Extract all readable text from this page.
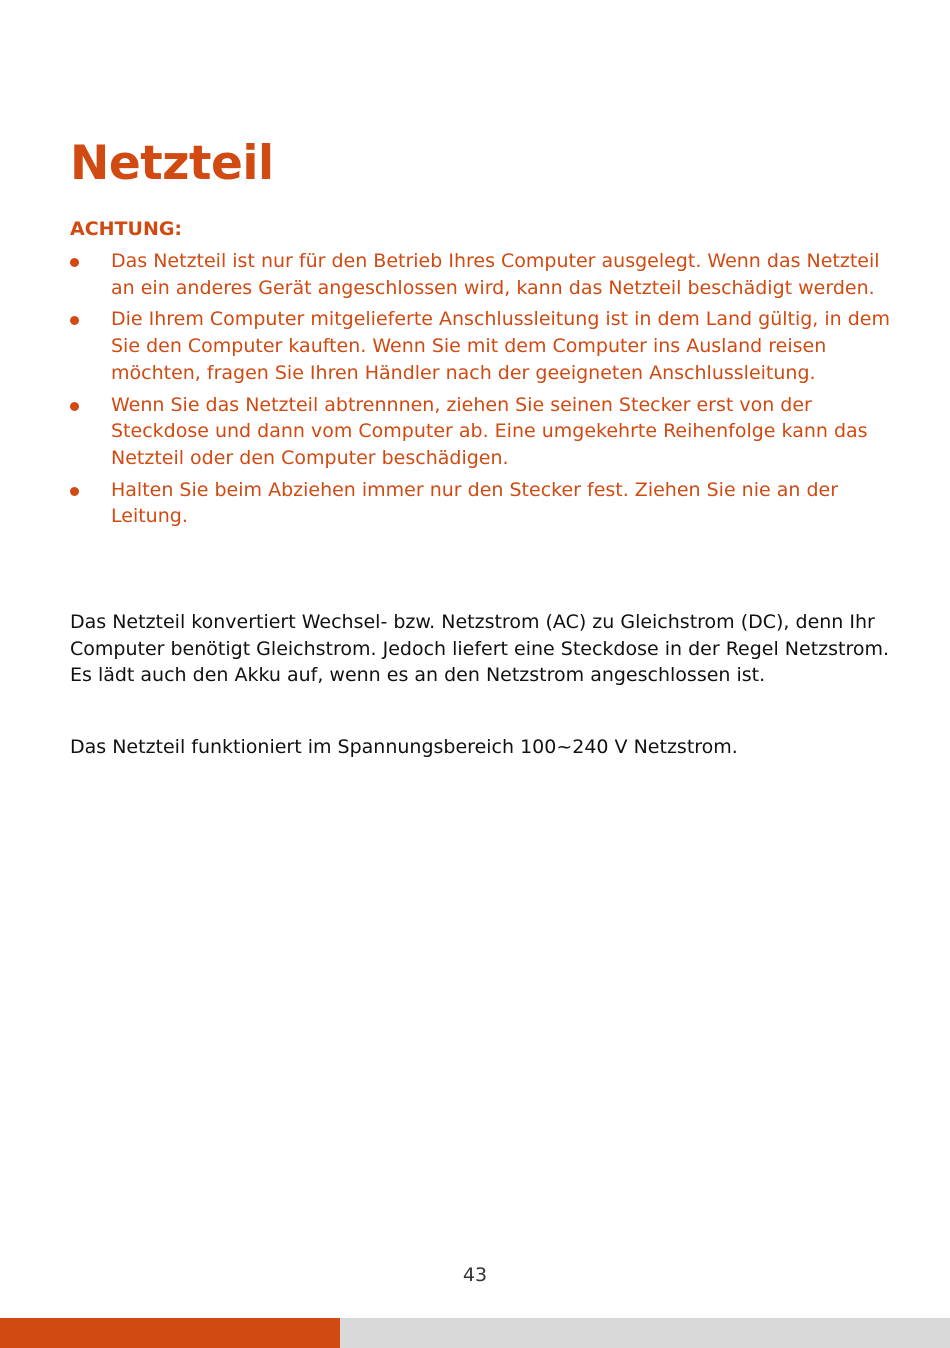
Netzteil
ACHTUNG:
Das Netzteil ist nur für den Betrieb Ihres Computer ausgelegt. Wenn das Netzteil an ein anderes Gerät angeschlossen wird, kann das Netzteil beschädigt werden.
Die Ihrem Computer mitgelieferte Anschlussleitung ist in dem Land gültig, in dem Sie den Computer kauften. Wenn Sie mit dem Computer ins Ausland reisen möchten, fragen Sie Ihren Händler nach der geeigneten Anschlussleitung.
Wenn Sie das Netzteil abtrennnen, ziehen Sie seinen Stecker erst von der Steckdose und dann vom Computer ab. Eine umgekehrte Reihenfolge kann das Netzteil oder den Computer beschädigen.
Halten Sie beim Abziehen immer nur den Stecker fest. Ziehen Sie nie an der Leitung.

Das Netzteil konvertiert Wechsel- bzw. Netzstrom (AC) zu Gleichstrom (DC), denn Ihr Computer benötigt Gleichstrom. Jedoch liefert eine Steckdose in der Regel Netzstrom. Es lädt auch den Akku auf, wenn es an den Netzstrom angeschlossen ist.

Das Netzteil funktioniert im Spannungsbereich 100~240 V Netzstrom.

43
